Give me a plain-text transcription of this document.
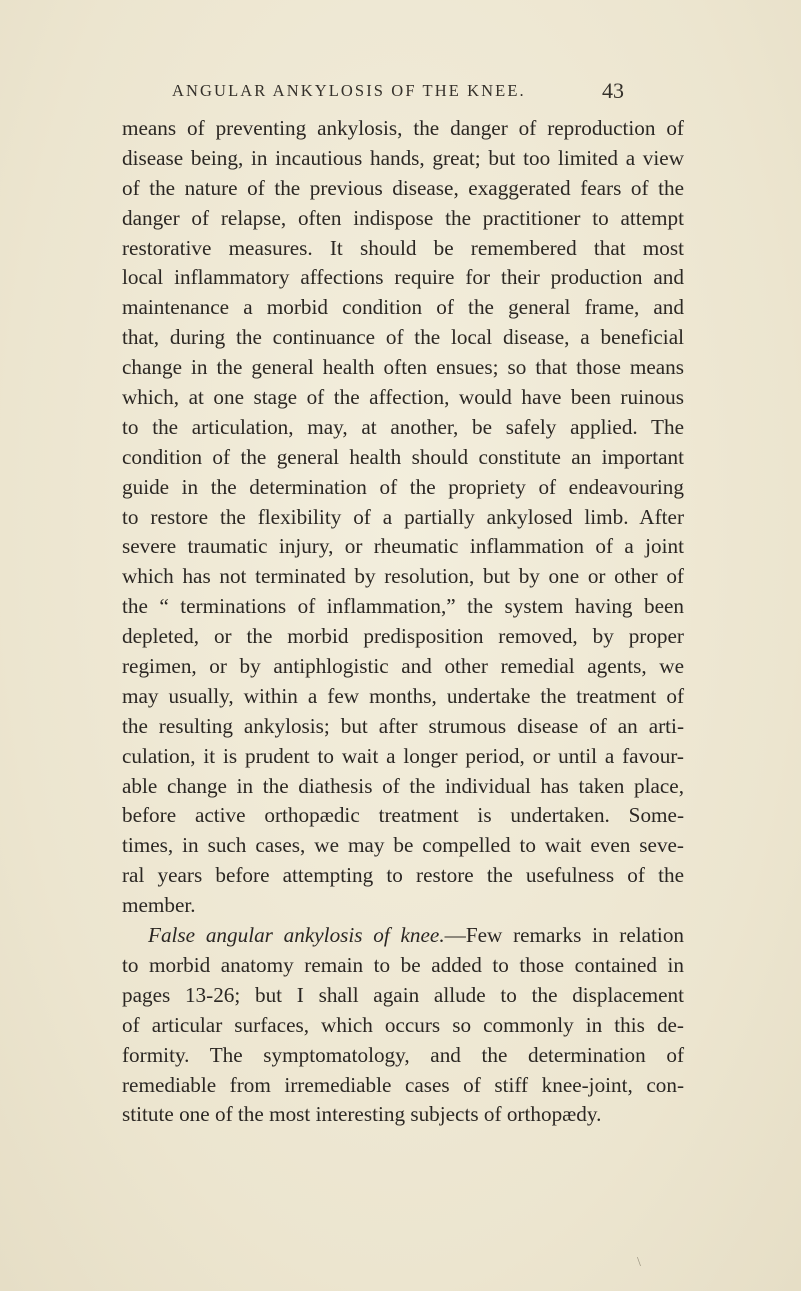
ANGULAR ANKYLOSIS OF THE KNEE.	43
means of preventing ankylosis, the danger of reproduction of
disease being, in incautious hands, great; but too limited a view
of the nature of the previous disease, exaggerated fears of the
danger of relapse, often indispose the practitioner to attempt
restorative measures. It should be remembered that most
local inflammatory affections require for their production and
maintenance a morbid condition of the general frame, and
that, during the continuance of the local disease, a beneficial
change in the general health often ensues; so that those means
which, at one stage of the affection, would have been ruinous
to the articulation, may, at another, be safely applied. The
condition of the general health should constitute an important
guide in the determination of the propriety of endeavouring
to restore the flexibility of a partially ankylosed limb. After
severe traumatic injury, or rheumatic inflammation of a joint
which has not terminated by resolution, but by one or other of
the “ terminations of inflammation,” the system having been
depleted, or the morbid predisposition removed, by proper
regimen, or by antiphlogistic and other remedial agents, we
may usually, within a few months, undertake the treatment of
the resulting ankylosis; but after strumous disease of an arti-
culation, it is prudent to wait a longer period, or until a favour-
able change in the diathesis of the individual has taken place,
before active orthopædic treatment is undertaken. Some-
times, in such cases, we may be compelled to wait even seve-
ral years before attempting to restore the usefulness of the
member.
False angular ankylosis of knee.—Few remarks in relation
to morbid anatomy remain to be added to those contained in
pages 13-26; but I shall again allude to the displacement
of articular surfaces, which occurs so commonly in this de-
formity. The symptomatology, and the determination of
remediable from irremediable cases of stiff knee-joint, con-
stitute one of the most interesting subjects of orthopædy.
\
